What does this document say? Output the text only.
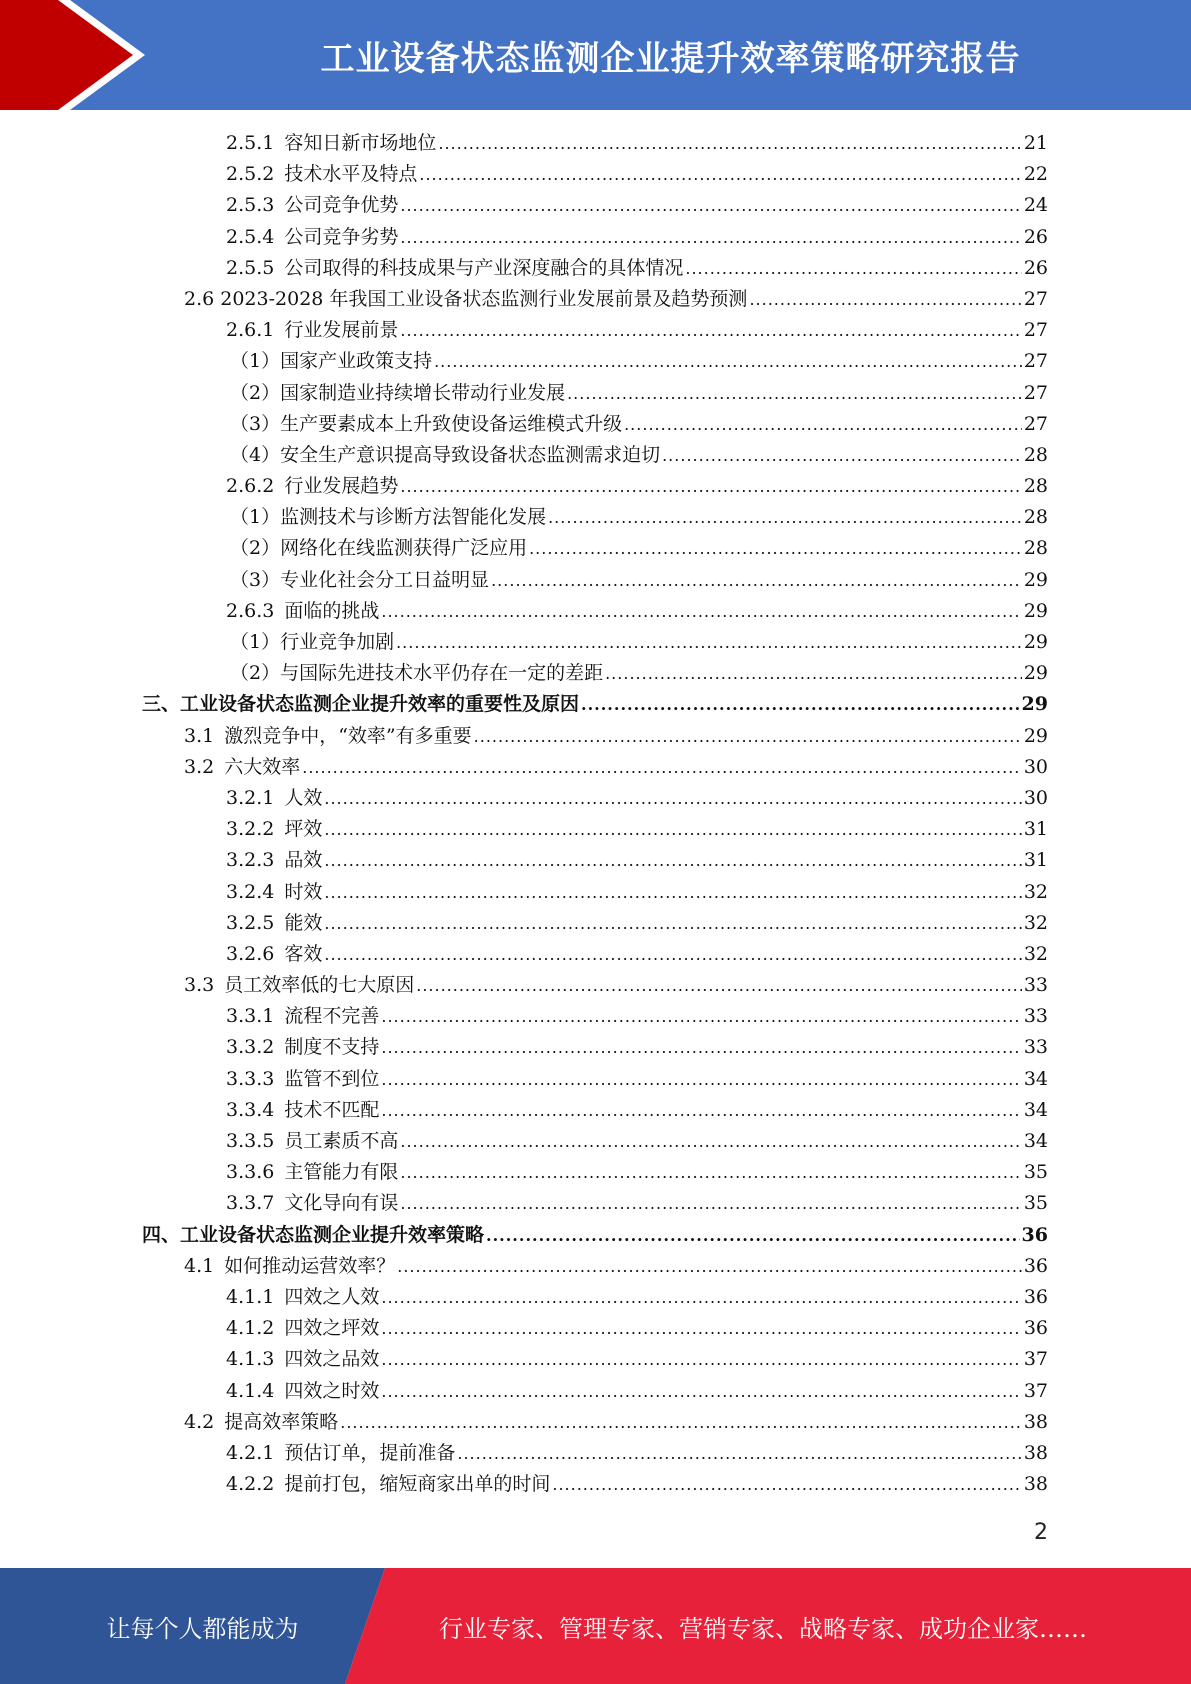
工业设备状态监测企业提升效率策略研究报告
2.5.1 容知日新市场地位 .....	21
2.5.2 技术水平及特点 .....	22
2.5.3 公司竞争优势 .....	24
2.5.4 公司竞争劣势 .....	26
2.5.5 公司取得的科技成果与产业深度融合的具体情况 .....	26
2.6 2023-2028 年我国工业设备状态监测行业发展前景及趋势预测 .....	27
2.6.1 行业发展前景 .....	27
（1）国家产业政策支持 .....	27
（2）国家制造业持续增长带动行业发展 .....	27
（3）生产要素成本上升致使设备运维模式升级 .....	27
（4）安全生产意识提高导致设备状态监测需求迫切 .....	28
2.6.2 行业发展趋势 .....	28
（1）监测技术与诊断方法智能化发展 .....	28
（2）网络化在线监测获得广泛应用 .....	28
（3）专业化社会分工日益明显 .....	29
2.6.3 面临的挑战 .....	29
（1）行业竞争加剧 .....	29
（2）与国际先进技术水平仍存在一定的差距 .....	29
三、工业设备状态监测企业提升效率的重要性及原因 .....	29
3.1 激烈竞争中，“效率”有多重要 .....	29
3.2 六大效率 .....	30
3.2.1 人效 .....	30
3.2.2 坪效 .....	31
3.2.3 品效 .....	31
3.2.4 时效 .....	32
3.2.5 能效 .....	32
3.2.6 客效 .....	32
3.3 员工效率低的七大原因 .....	33
3.3.1 流程不完善 .....	33
3.3.2 制度不支持 .....	33
3.3.3 监管不到位 .....	34
3.3.4 技术不匹配 .....	34
3.3.5 员工素质不高 .....	34
3.3.6 主管能力有限 .....	35
3.3.7 文化导向有误 .....	35
四、工业设备状态监测企业提升效率策略 .....	36
4.1 如何推动运营效率？ .....	36
4.1.1 四效之人效 .....	36
4.1.2 四效之坪效 .....	36
4.1.3 四效之品效 .....	37
4.1.4 四效之时效 .....	37
4.2 提高效率策略 .....	38
4.2.1 预估订单，提前准备 .....	38
4.2.2 提前打包，缩短商家出单的时间 .....	38
2
让每个人都能成为	行业专家、管理专家、营销专家、战略专家、成功企业家……
